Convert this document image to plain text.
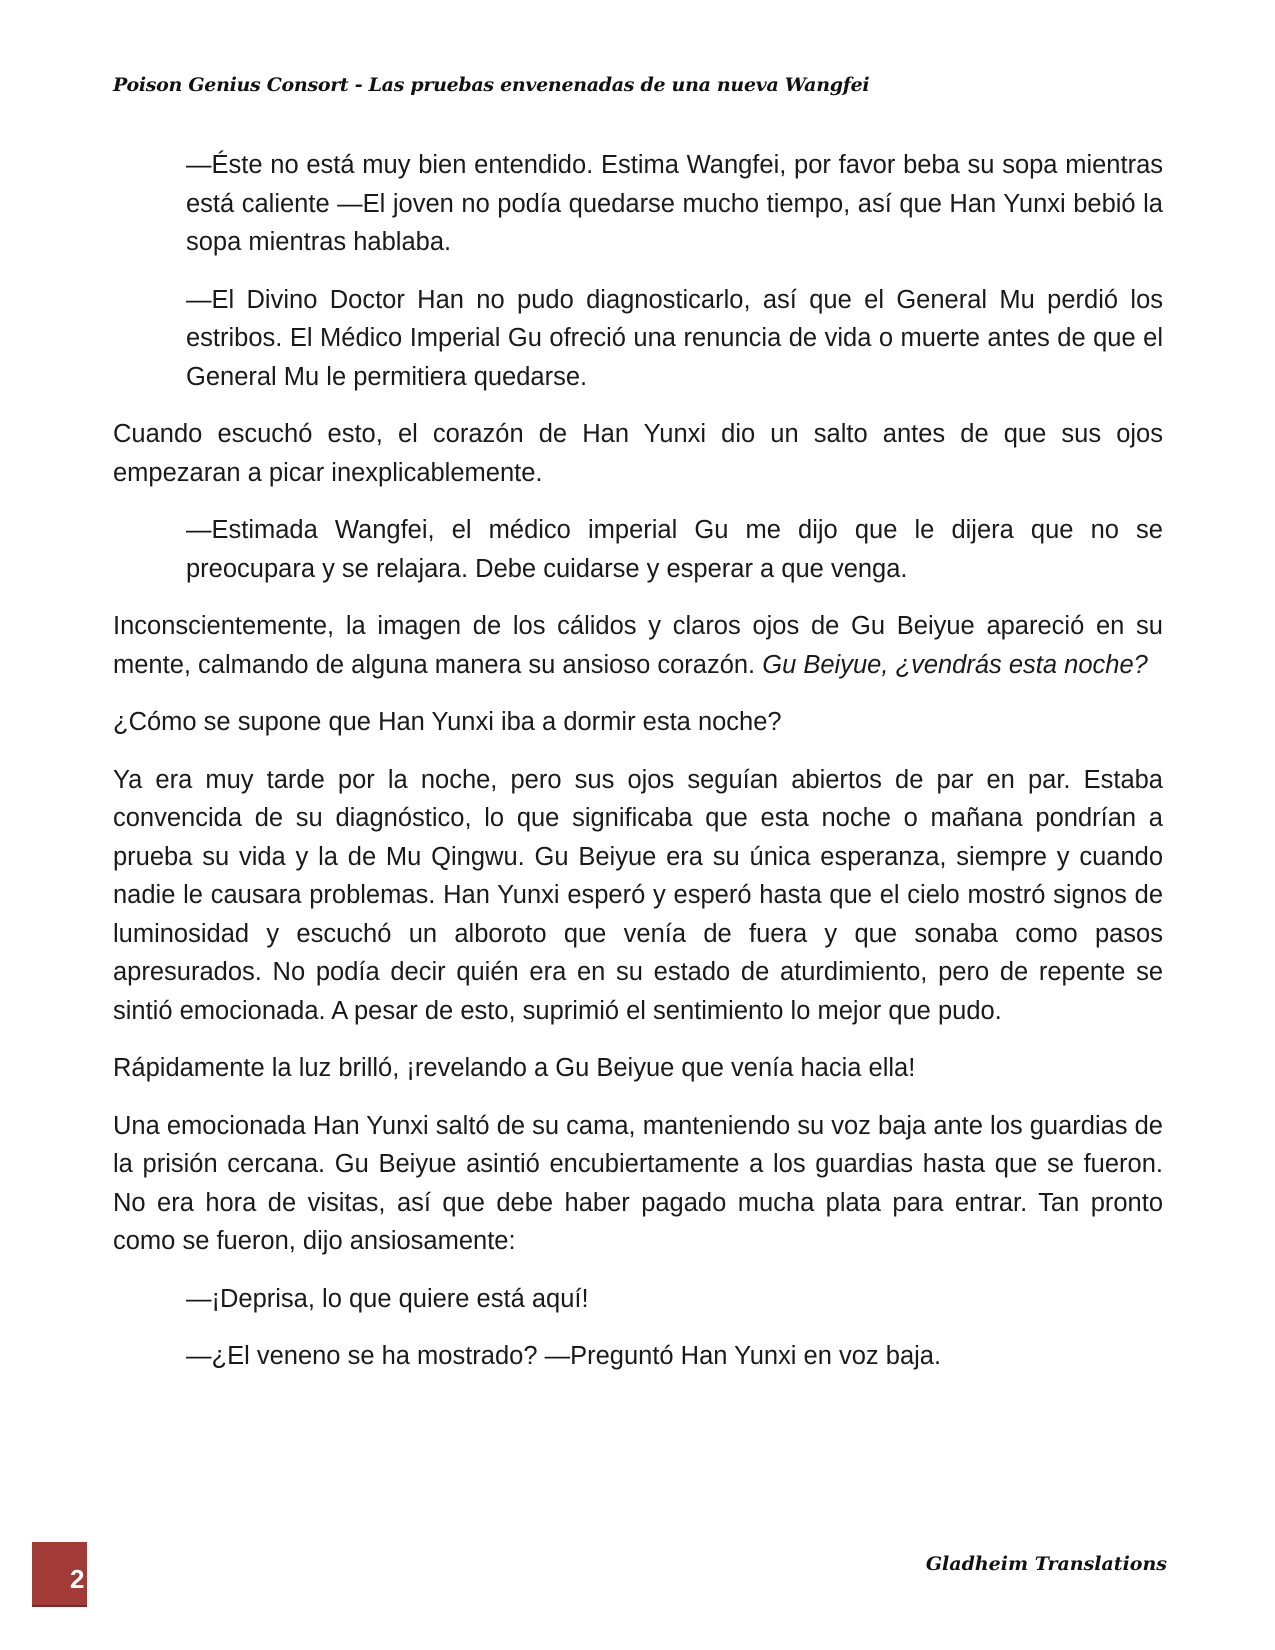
Poison Genius Consort - Las pruebas envenenadas de una nueva Wangfei

—Éste no está muy bien entendido. Estima Wangfei, por favor beba su sopa mientras está caliente —El joven no podía quedarse mucho tiempo, así que Han Yunxi bebió la sopa mientras hablaba.

—El Divino Doctor Han no pudo diagnosticarlo, así que el General Mu perdió los estribos. El Médico Imperial Gu ofreció una renuncia de vida o muerte antes de que el General Mu le permitiera quedarse.

Cuando escuchó esto, el corazón de Han Yunxi dio un salto antes de que sus ojos empezaran a picar inexplicablemente.

—Estimada Wangfei, el médico imperial Gu me dijo que le dijera que no se preocupara y se relajara. Debe cuidarse y esperar a que venga.

Inconscientemente, la imagen de los cálidos y claros ojos de Gu Beiyue apareció en su mente, calmando de alguna manera su ansioso corazón. Gu Beiyue, ¿vendrás esta noche?

¿Cómo se supone que Han Yunxi iba a dormir esta noche?

Ya era muy tarde por la noche, pero sus ojos seguían abiertos de par en par. Estaba convencida de su diagnóstico, lo que significaba que esta noche o mañana pondrían a prueba su vida y la de Mu Qingwu. Gu Beiyue era su única esperanza, siempre y cuando nadie le causara problemas. Han Yunxi esperó y esperó hasta que el cielo mostró signos de luminosidad y escuchó un alboroto que venía de fuera y que sonaba como pasos apresurados. No podía decir quién era en su estado de aturdimiento, pero de repente se sintió emocionada. A pesar de esto, suprimió el sentimiento lo mejor que pudo.

Rápidamente la luz brilló, ¡revelando a Gu Beiyue que venía hacia ella!

Una emocionada Han Yunxi saltó de su cama, manteniendo su voz baja ante los guardias de la prisión cercana. Gu Beiyue asintió encubiertamente a los guardias hasta que se fueron. No era hora de visitas, así que debe haber pagado mucha plata para entrar. Tan pronto como se fueron, dijo ansiosamente:

—¡Deprisa, lo que quiere está aquí!

—¿El veneno se ha mostrado? —Preguntó Han Yunxi en voz baja.

2	Gladheim Translations
